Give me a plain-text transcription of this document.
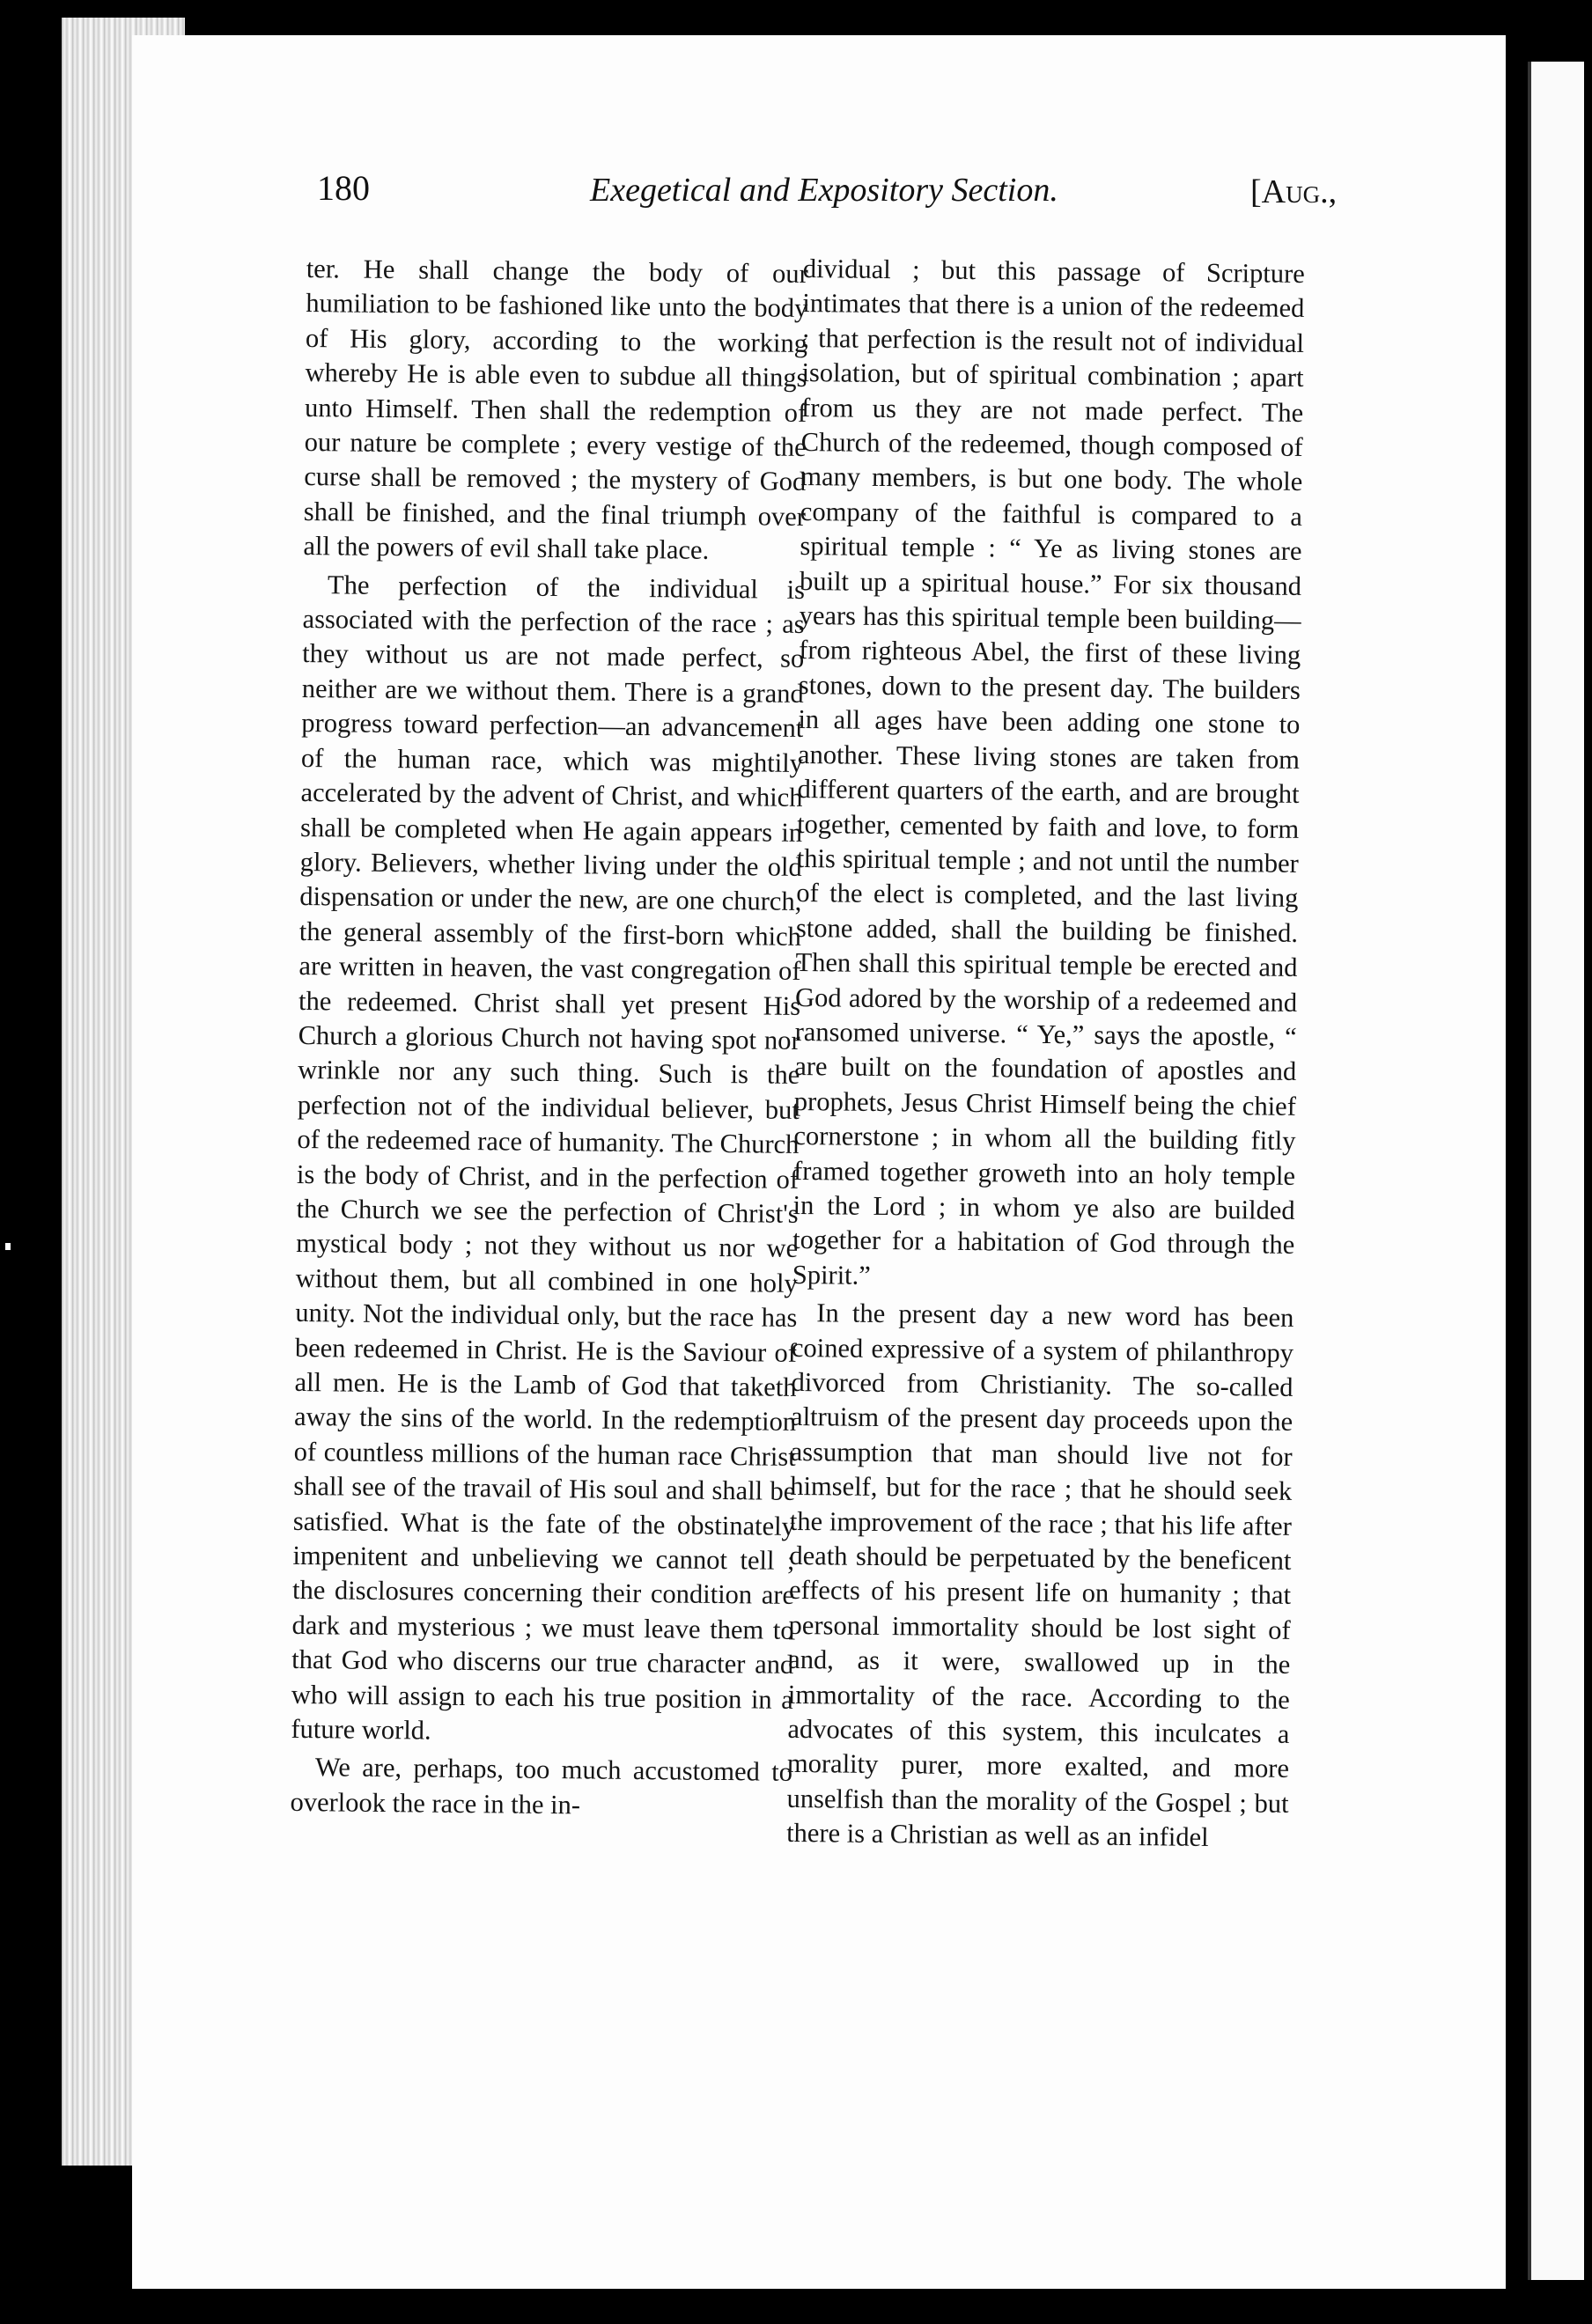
180	Exegetical and Expository Section.	[Aug.,

ter. He shall change the body of our humiliation to be fashioned like unto the body of His glory, according to the working whereby He is able even to subdue all things unto Himself. Then shall the redemption of our nature be complete ; every vestige of the curse shall be removed ; the mystery of God shall be finished, and the final triumph over all the powers of evil shall take place.

The perfection of the individual is associated with the perfection of the race ; as they without us are not made perfect, so neither are we without them. There is a grand progress toward perfection—an advancement of the human race, which was mightily accelerated by the advent of Christ, and which shall be completed when He again appears in glory. Believers, whether living under the old dispensation or under the new, are one church, the general assembly of the first-born which are written in heaven, the vast congregation of the redeemed. Christ shall yet present His Church a glorious Church not having spot nor wrinkle nor any such thing. Such is the perfection not of the individual believer, but of the redeemed race of humanity. The Church is the body of Christ, and in the perfection of the Church we see the perfection of Christ's mystical body ; not they without us nor we without them, but all combined in one holy unity. Not the individual only, but the race has been redeemed in Christ. He is the Saviour of all men. He is the Lamb of God that taketh away the sins of the world. In the redemption of countless millions of the human race Christ shall see of the travail of His soul and shall be satisfied. What is the fate of the obstinately impenitent and unbelieving we cannot tell ; the disclosures concerning their condition are dark and mysterious ; we must leave them to that God who discerns our true character and who will assign to each his true position in a future world.

We are, perhaps, too much accustomed to overlook the race in the in-

dividual ; but this passage of Scripture intimates that there is a union of the redeemed ; that perfection is the result not of individual isolation, but of spiritual combination ; apart from us they are not made perfect. The Church of the redeemed, though composed of many members, is but one body. The whole company of the faithful is compared to a spiritual temple : “ Ye as living stones are built up a spiritual house.” For six thousand years has this spiritual temple been building—from righteous Abel, the first of these living stones, down to the present day. The builders in all ages have been adding one stone to another. These living stones are taken from different quarters of the earth, and are brought together, cemented by faith and love, to form this spiritual temple ; and not until the number of the elect is completed, and the last living stone added, shall the building be finished. Then shall this spiritual temple be erected and God adored by the worship of a redeemed and ransomed universe. “ Ye,” says the apostle, “ are built on the foundation of apostles and prophets, Jesus Christ Himself being the chief cornerstone ; in whom all the building fitly framed together groweth into an holy temple in the Lord ; in whom ye also are builded together for a habitation of God through the Spirit.”

In the present day a new word has been coined expressive of a system of philanthropy divorced from Christianity. The so-called altruism of the present day proceeds upon the assumption that man should live not for himself, but for the race ; that he should seek the improvement of the race ; that his life after death should be perpetuated by the beneficent effects of his present life on humanity ; that personal immortality should be lost sight of and, as it were, swallowed up in the immortality of the race. According to the advocates of this system, this inculcates a morality purer, more exalted, and more unselfish than the morality of the Gospel ; but there is a Christian as well as an infidel
